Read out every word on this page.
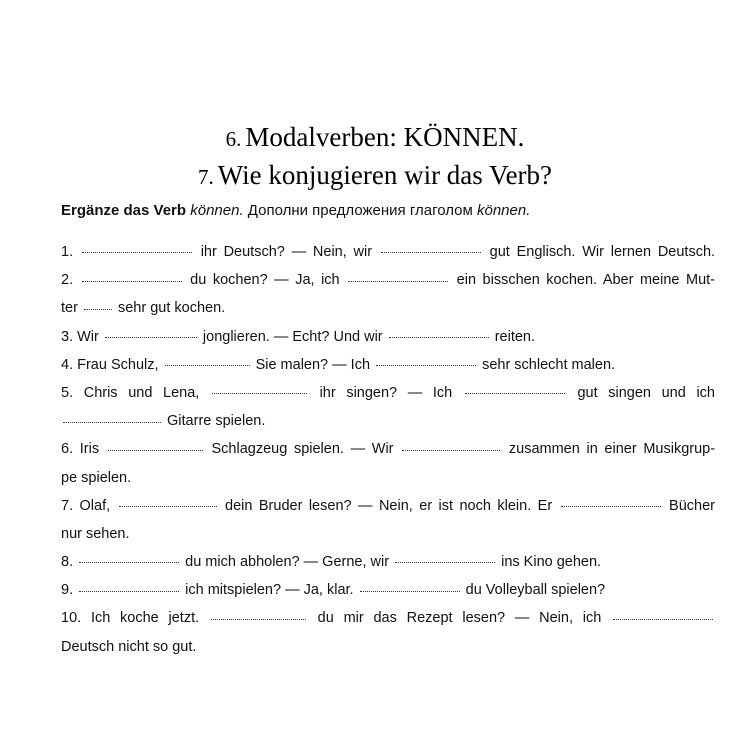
6. Modalverben: KÖNNEN.
7. Wie konjugieren wir das Verb?
Ergänze das Verb können. Дополни предложения глаголом können.
1.	ihr Deutsch? — Nein, wir	gut Englisch. Wir lernen Deutsch.
2.	du kochen? — Ja, ich	ein bisschen kochen. Aber meine Mut-
ter  sehr gut kochen.
3. Wir	jonglieren. — Echt? Und wir	reiten.
4. Frau Schulz,	Sie malen? — Ich	sehr schlecht malen.
5. Chris und Lena,	ihr singen? — Ich	gut singen und ich
Gitarre spielen.
6. Iris	Schlagzeug spielen. — Wir	zusammen in einer Musikgrup-
pe spielen.
7. Olaf,	dein Bruder lesen? — Nein, er ist noch klein. Er	Bücher
nur sehen.
8.	du mich abholen? — Gerne, wir	ins Kino gehen.
9.	ich mitspielen? — Ja, klar.	du Volleyball spielen?
10. Ich koche jetzt.	du mir das Rezept lesen? — Nein, ich
Deutsch nicht so gut.
